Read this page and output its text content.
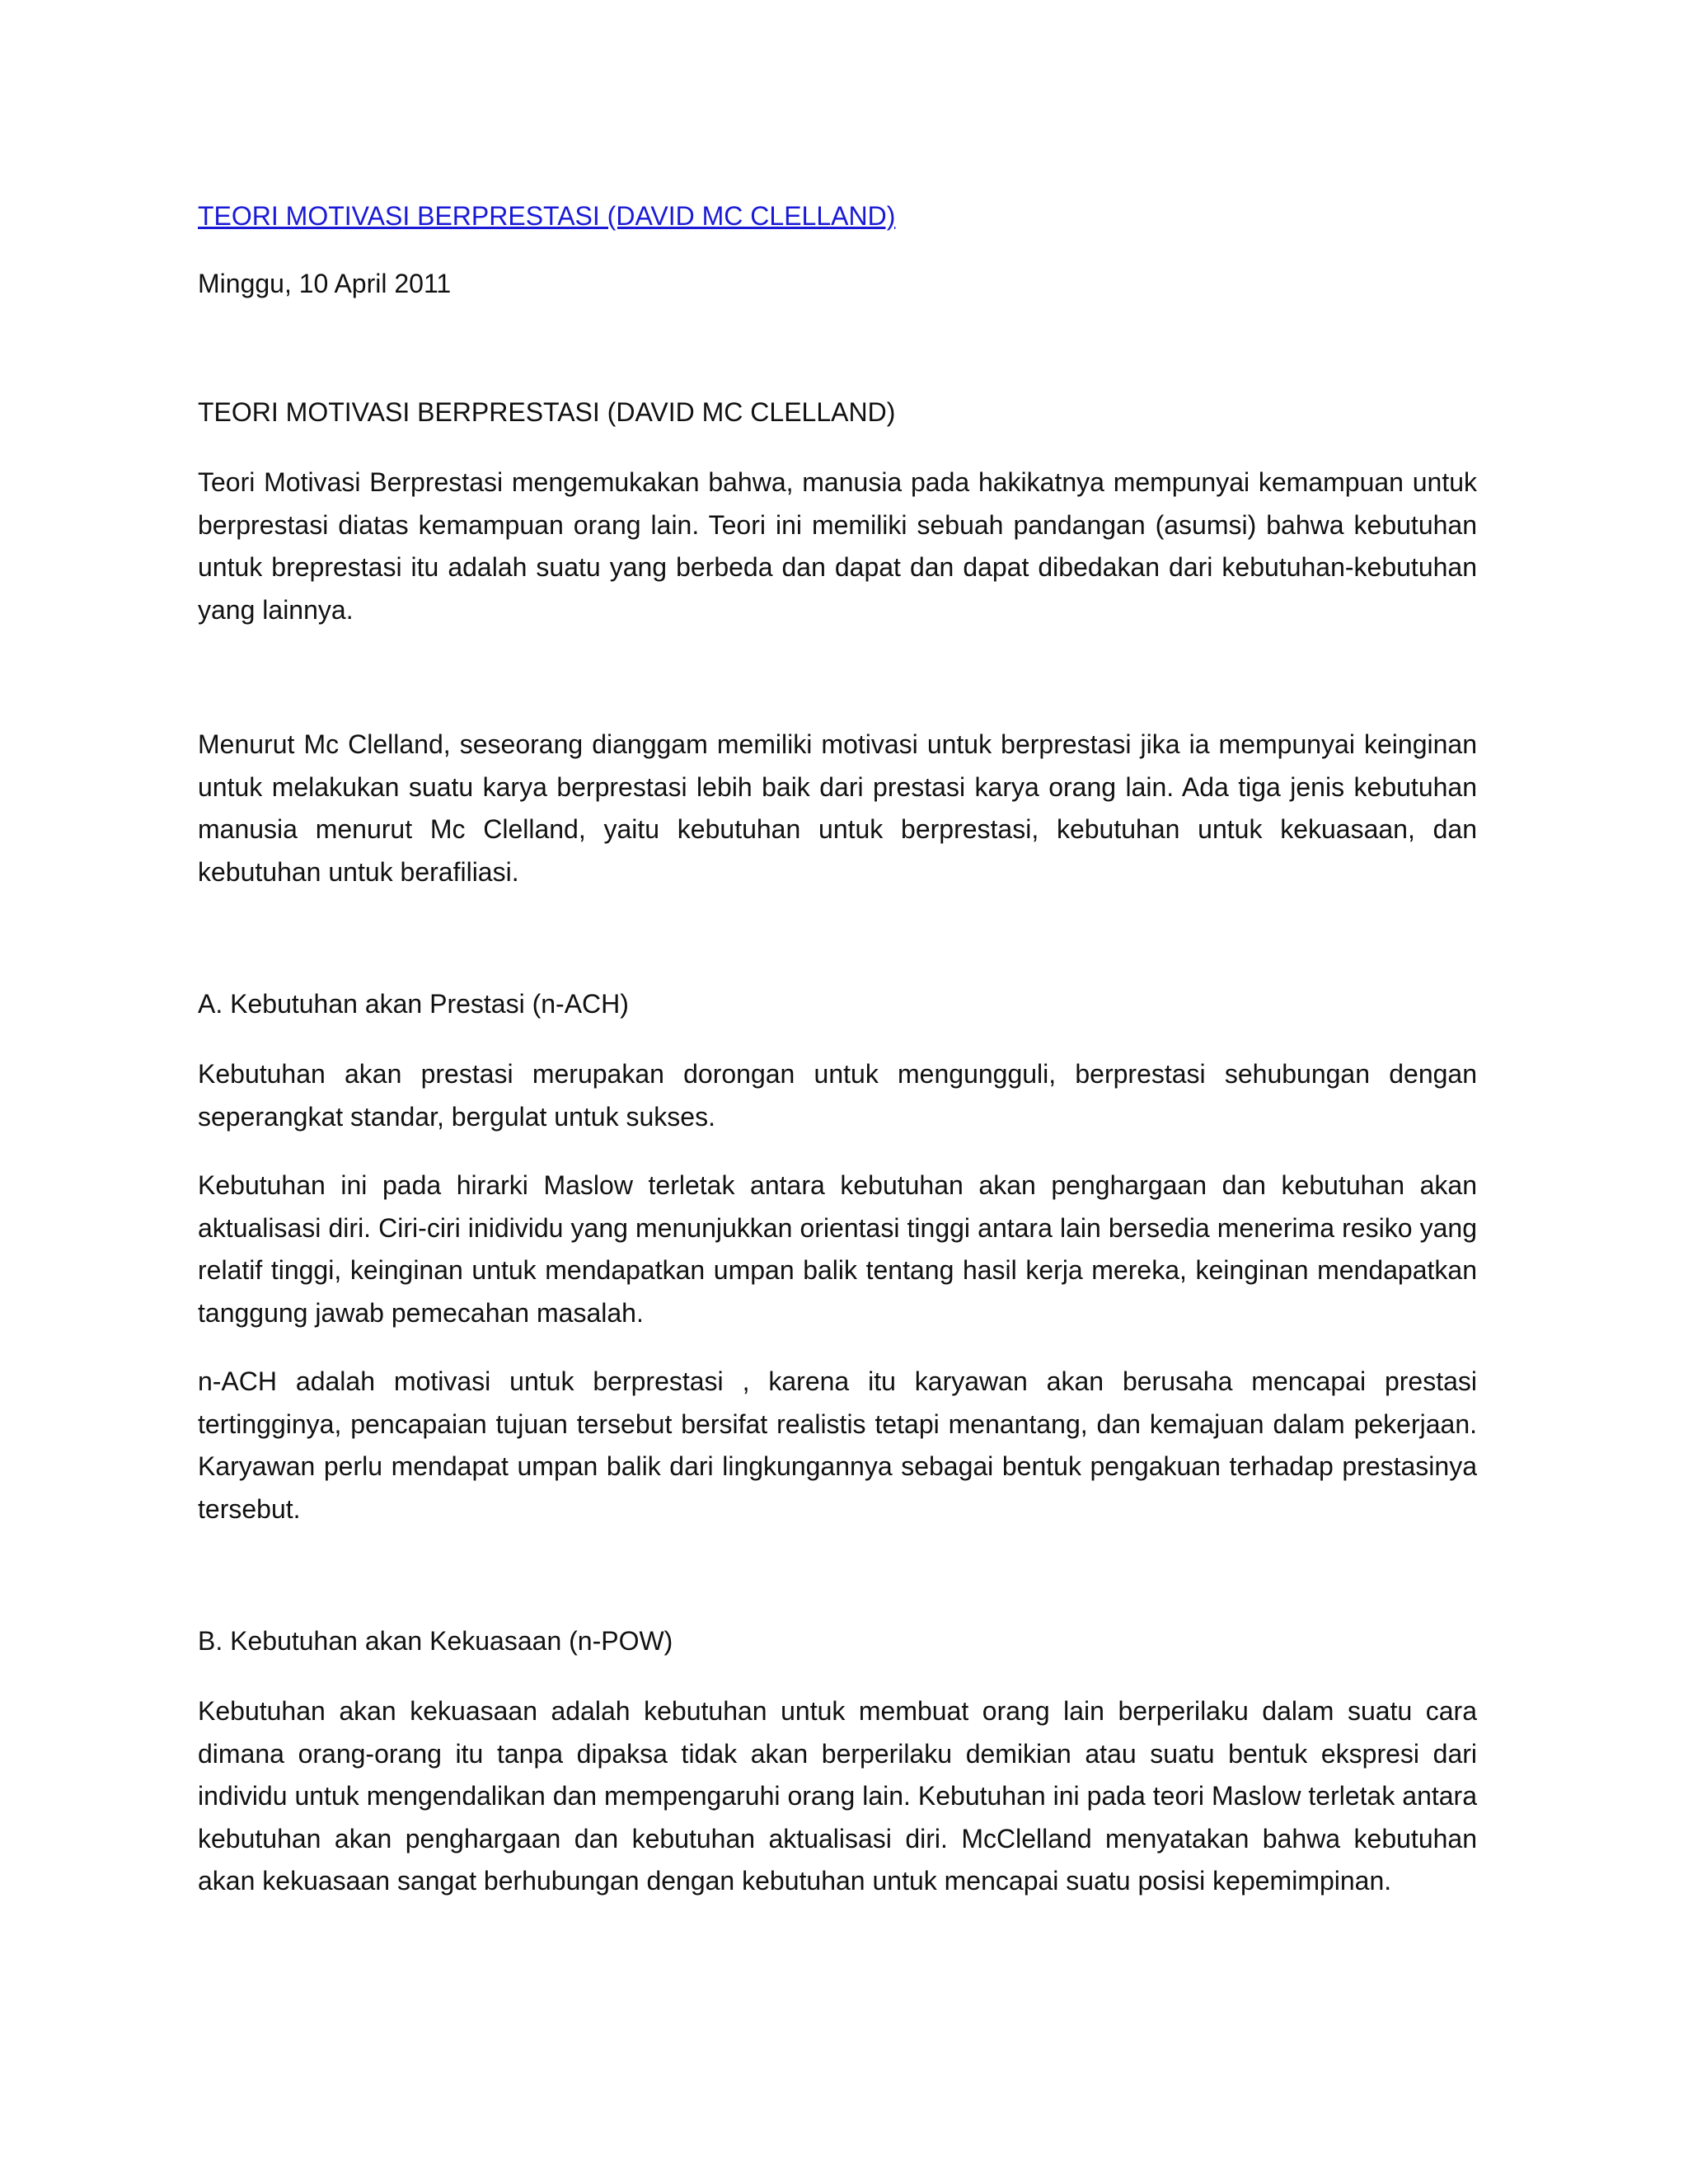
TEORI MOTIVASI BERPRESTASI (DAVID MC CLELLAND)
Minggu, 10 April 2011
TEORI MOTIVASI BERPRESTASI (DAVID MC CLELLAND)

Teori Motivasi Berprestasi mengemukakan bahwa, manusia pada hakikatnya mempunyai kemampuan untuk berprestasi diatas kemampuan orang lain. Teori ini memiliki sebuah pandangan (asumsi) bahwa kebutuhan untuk breprestasi itu adalah suatu yang berbeda dan dapat dan dapat dibedakan dari kebutuhan-kebutuhan yang lainnya.

Menurut Mc Clelland, seseorang dianggam memiliki motivasi untuk berprestasi jika ia mempunyai keinginan untuk melakukan suatu karya berprestasi lebih baik dari prestasi karya orang lain. Ada tiga jenis kebutuhan manusia menurut Mc Clelland, yaitu kebutuhan untuk berprestasi, kebutuhan untuk kekuasaan, dan kebutuhan untuk berafiliasi.

A. Kebutuhan akan Prestasi (n-ACH)

Kebutuhan akan prestasi merupakan dorongan untuk mengungguli, berprestasi sehubungan dengan seperangkat standar, bergulat untuk sukses.

Kebutuhan ini pada hirarki Maslow terletak antara kebutuhan akan penghargaan dan kebutuhan akan aktualisasi diri. Ciri-ciri inidividu yang menunjukkan orientasi tinggi antara lain bersedia menerima resiko yang relatif tinggi, keinginan untuk mendapatkan umpan balik tentang hasil kerja mereka, keinginan mendapatkan tanggung jawab pemecahan masalah.

n-ACH adalah motivasi untuk berprestasi , karena itu karyawan akan berusaha mencapai prestasi tertingginya, pencapaian tujuan tersebut bersifat realistis tetapi menantang, dan kemajuan dalam pekerjaan. Karyawan perlu mendapat umpan balik dari lingkungannya sebagai bentuk pengakuan terhadap prestasinya tersebut.

B. Kebutuhan akan Kekuasaan (n-POW)

Kebutuhan akan kekuasaan adalah kebutuhan untuk membuat orang lain berperilaku dalam suatu cara dimana orang-orang itu tanpa dipaksa tidak akan berperilaku demikian atau suatu bentuk ekspresi dari individu untuk mengendalikan dan mempengaruhi orang lain. Kebutuhan ini pada teori Maslow terletak antara kebutuhan akan penghargaan dan kebutuhan aktualisasi diri. McClelland menyatakan bahwa kebutuhan akan kekuasaan sangat berhubungan dengan kebutuhan untuk mencapai suatu posisi kepemimpinan.
